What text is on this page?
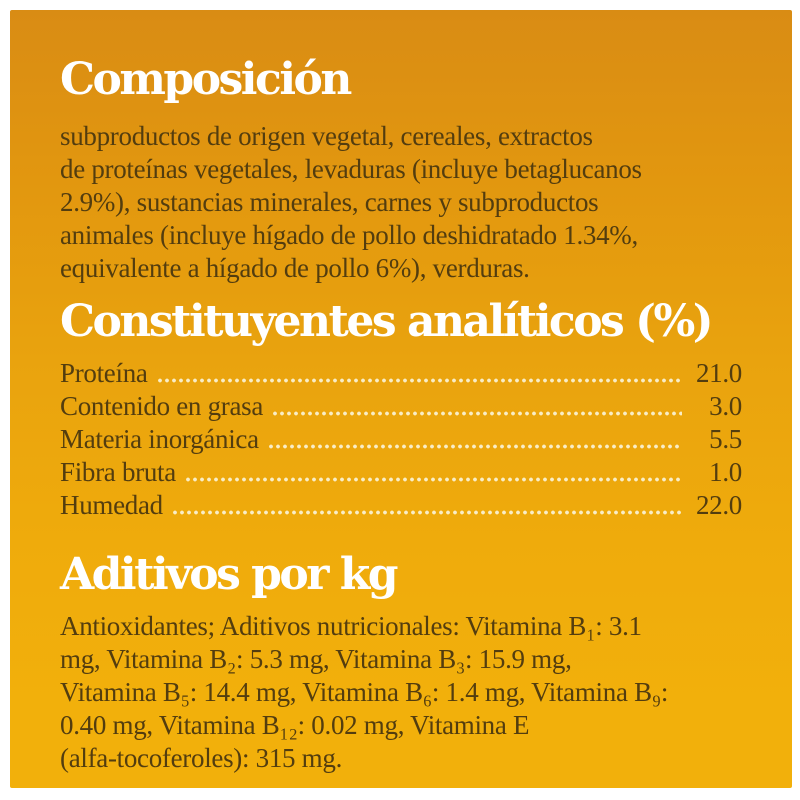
Composición
subproductos de origen vegetal, cereales, extractos
de proteínas vegetales, levaduras (incluye betaglucanos
2.9%), sustancias minerales, carnes y subproductos
animales (incluye hígado de pollo deshidratado 1.34%,
equivalente a hígado de pollo 6%), verduras.
Constituyentes analíticos (%)
Proteína	21.0
Contenido en grasa	3.0
Materia inorgánica	5.5
Fibra bruta	1.0
Humedad	22.0
Aditivos por kg
Antioxidantes; Aditivos nutricionales: Vitamina B₁: 3.1
mg, Vitamina B₂: 5.3 mg, Vitamina B₃: 15.9 mg,
Vitamina B₅: 14.4 mg, Vitamina B₆: 1.4 mg, Vitamina B₉:
0.40 mg, Vitamina B₁₂: 0.02 mg, Vitamina E
(alfa-tocoferoles): 315 mg.
